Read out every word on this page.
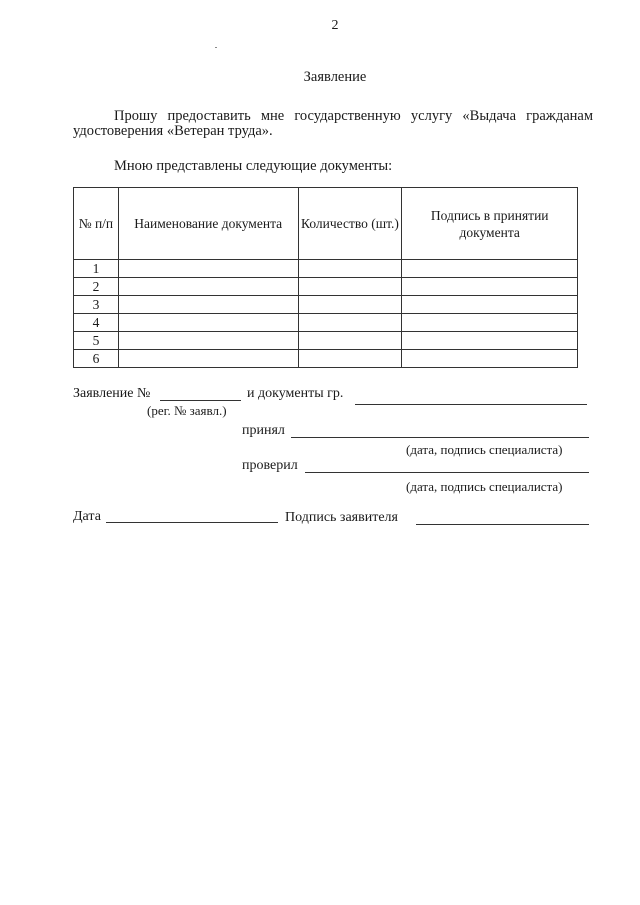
2
Заявление
Прошу предоставить мне государственную услугу «Выдача гражданам
удостоверения «Ветеран труда».
Мною представлены следующие документы:
№ п/п	Наименование документа	Количество (шт.)	Подпись в принятии документа
1			
2			
3			
4			
5			
6			
Заявление №	и документы гр.
(рег. № заявл.)
принял
(дата, подпись специалиста)
проверил
(дата, подпись специалиста)
Дата	Подпись заявителя
